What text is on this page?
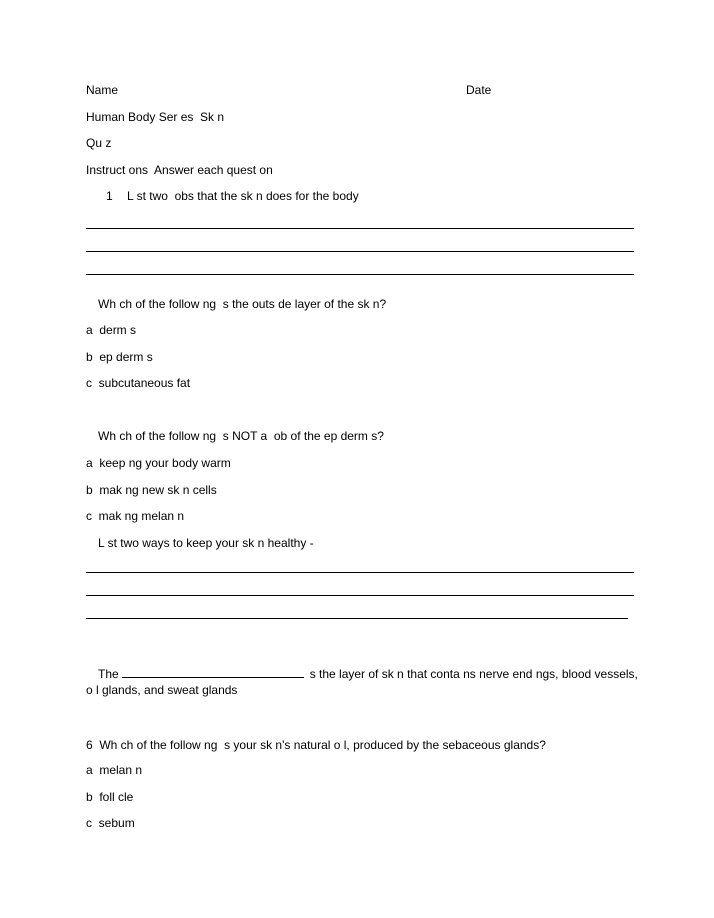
Name	Date
Human Body Ser es  Sk n
Qu z
Instruct ons  Answer each quest on
1 L st two  obs that the sk n does for the body
Wh ch of the follow ng  s the outs de layer of the sk n?
a  derm s
b  ep derm s
c  subcutaneous fat
Wh ch of the follow ng  s NOT a  ob of the ep derm s?
a  keep ng your body warm
b  mak ng new sk n cells
c  mak ng melan n
L st two ways to keep your sk n healthy -
The	s the layer of sk n that conta ns nerve end ngs, blood vessels,
o l glands, and sweat glands
6  Wh ch of the follow ng  s your sk n's natural o l, produced by the sebaceous glands?
a  melan n
b  foll cle
c  sebum
